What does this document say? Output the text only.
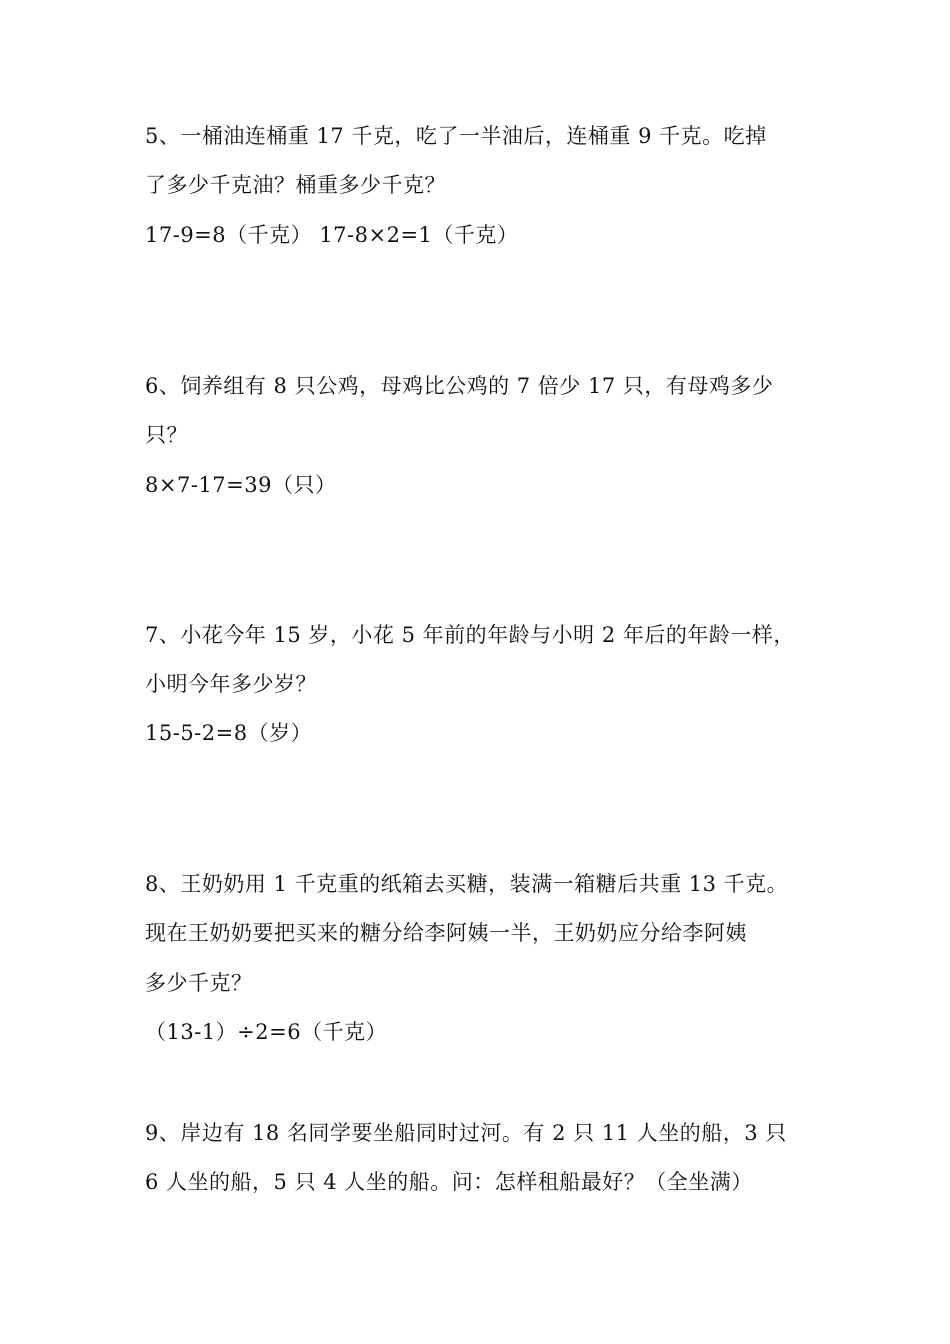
5、一桶油连桶重 17 千克，吃了一半油后，连桶重 9 千克。吃掉
了多少千克油？桶重多少千克？
17-9=8（千克） 17-8×2=1（千克）
6、饲养组有 8 只公鸡，母鸡比公鸡的 7 倍少 17 只，有母鸡多少
只？
8×7-17=39（只）
7、小花今年 15 岁，小花 5 年前的年龄与小明 2 年后的年龄一样，
小明今年多少岁？
15-5-2=8（岁）
8、王奶奶用 1 千克重的纸箱去买糖，装满一箱糖后共重 13 千克。
现在王奶奶要把买来的糖分给李阿姨一半，王奶奶应分给李阿姨
多少千克？
（13-1）÷2=6（千克）
9、岸边有 18 名同学要坐船同时过河。有 2 只 11 人坐的船，3 只
6 人坐的船，5 只 4 人坐的船。问：怎样租船最好？（全坐满）
